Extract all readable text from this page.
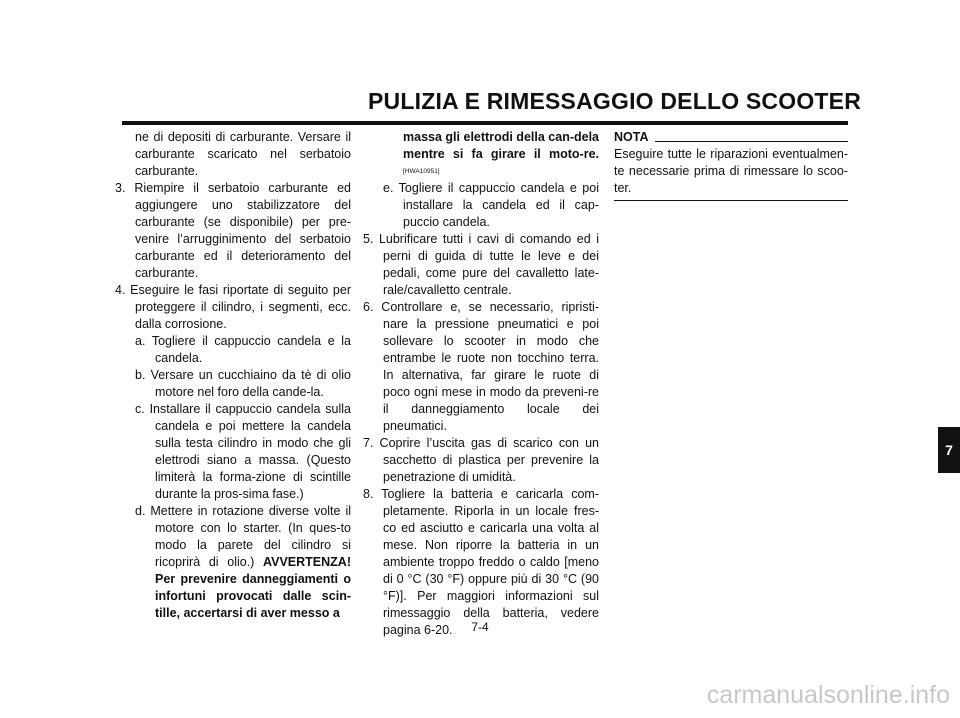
PULIZIA E RIMESSAGGIO DELLO SCOOTER

ne di depositi di carburante. Versare il carburante scaricato nel serbatoio carburante.

3. Riempire il serbatoio carburante ed aggiungere uno stabilizzatore del carburante (se disponibile) per pre-venire l’arrugginimento del serbatoio carburante ed il deterioramento del carburante.

4. Eseguire le fasi riportate di seguito per proteggere il cilindro, i segmenti, ecc. dalla corrosione.

a. Togliere il cappuccio candela e la candela.

b. Versare un cucchiaino da tè di olio motore nel foro della cande-la.

c. Installare il cappuccio candela sulla candela e poi mettere la candela sulla testa cilindro in modo che gli elettrodi siano a massa. (Questo limiterà la forma-zione di scintille durante la pros-sima fase.)

d. Mettere in rotazione diverse volte il motore con lo starter. (In ques-to modo la parete del cilindro si ricoprirà di olio.) AVVERTENZA! Per prevenire danneggiamenti o infortuni provocati dalle scin-tille, accertarsi di aver messo a

massa gli elettrodi della can-dela mentre si fa girare il moto-re. [HWA10951]

e. Togliere il cappuccio candela e poi installare la candela ed il cap-puccio candela.

5. Lubrificare tutti i cavi di comando ed i perni di guida di tutte le leve e dei pedali, come pure del cavalletto late-rale/cavalletto centrale.

6. Controllare e, se necessario, ripristi-nare la pressione pneumatici e poi sollevare lo scooter in modo che entrambe le ruote non tocchino terra. In alternativa, far girare le ruote di poco ogni mese in modo da preveni-re il danneggiamento locale dei pneumatici.

7. Coprire l’uscita gas di scarico con un sacchetto di plastica per prevenire la penetrazione di umidità.

8. Togliere la batteria e caricarla com-pletamente. Riporla in un locale fres-co ed asciutto e caricarla una volta al mese. Non riporre la batteria in un ambiente troppo freddo o caldo [meno di 0 °C (30 °F) oppure più di 30 °C (90 °F)]. Per maggiori informazioni sul rimessaggio della batteria, vedere pagina 6-20.

NOTA

Eseguire tutte le riparazioni eventualmen-te necessarie prima di rimessare lo scoo-ter.

7
7-4
carmanualsonline.info
